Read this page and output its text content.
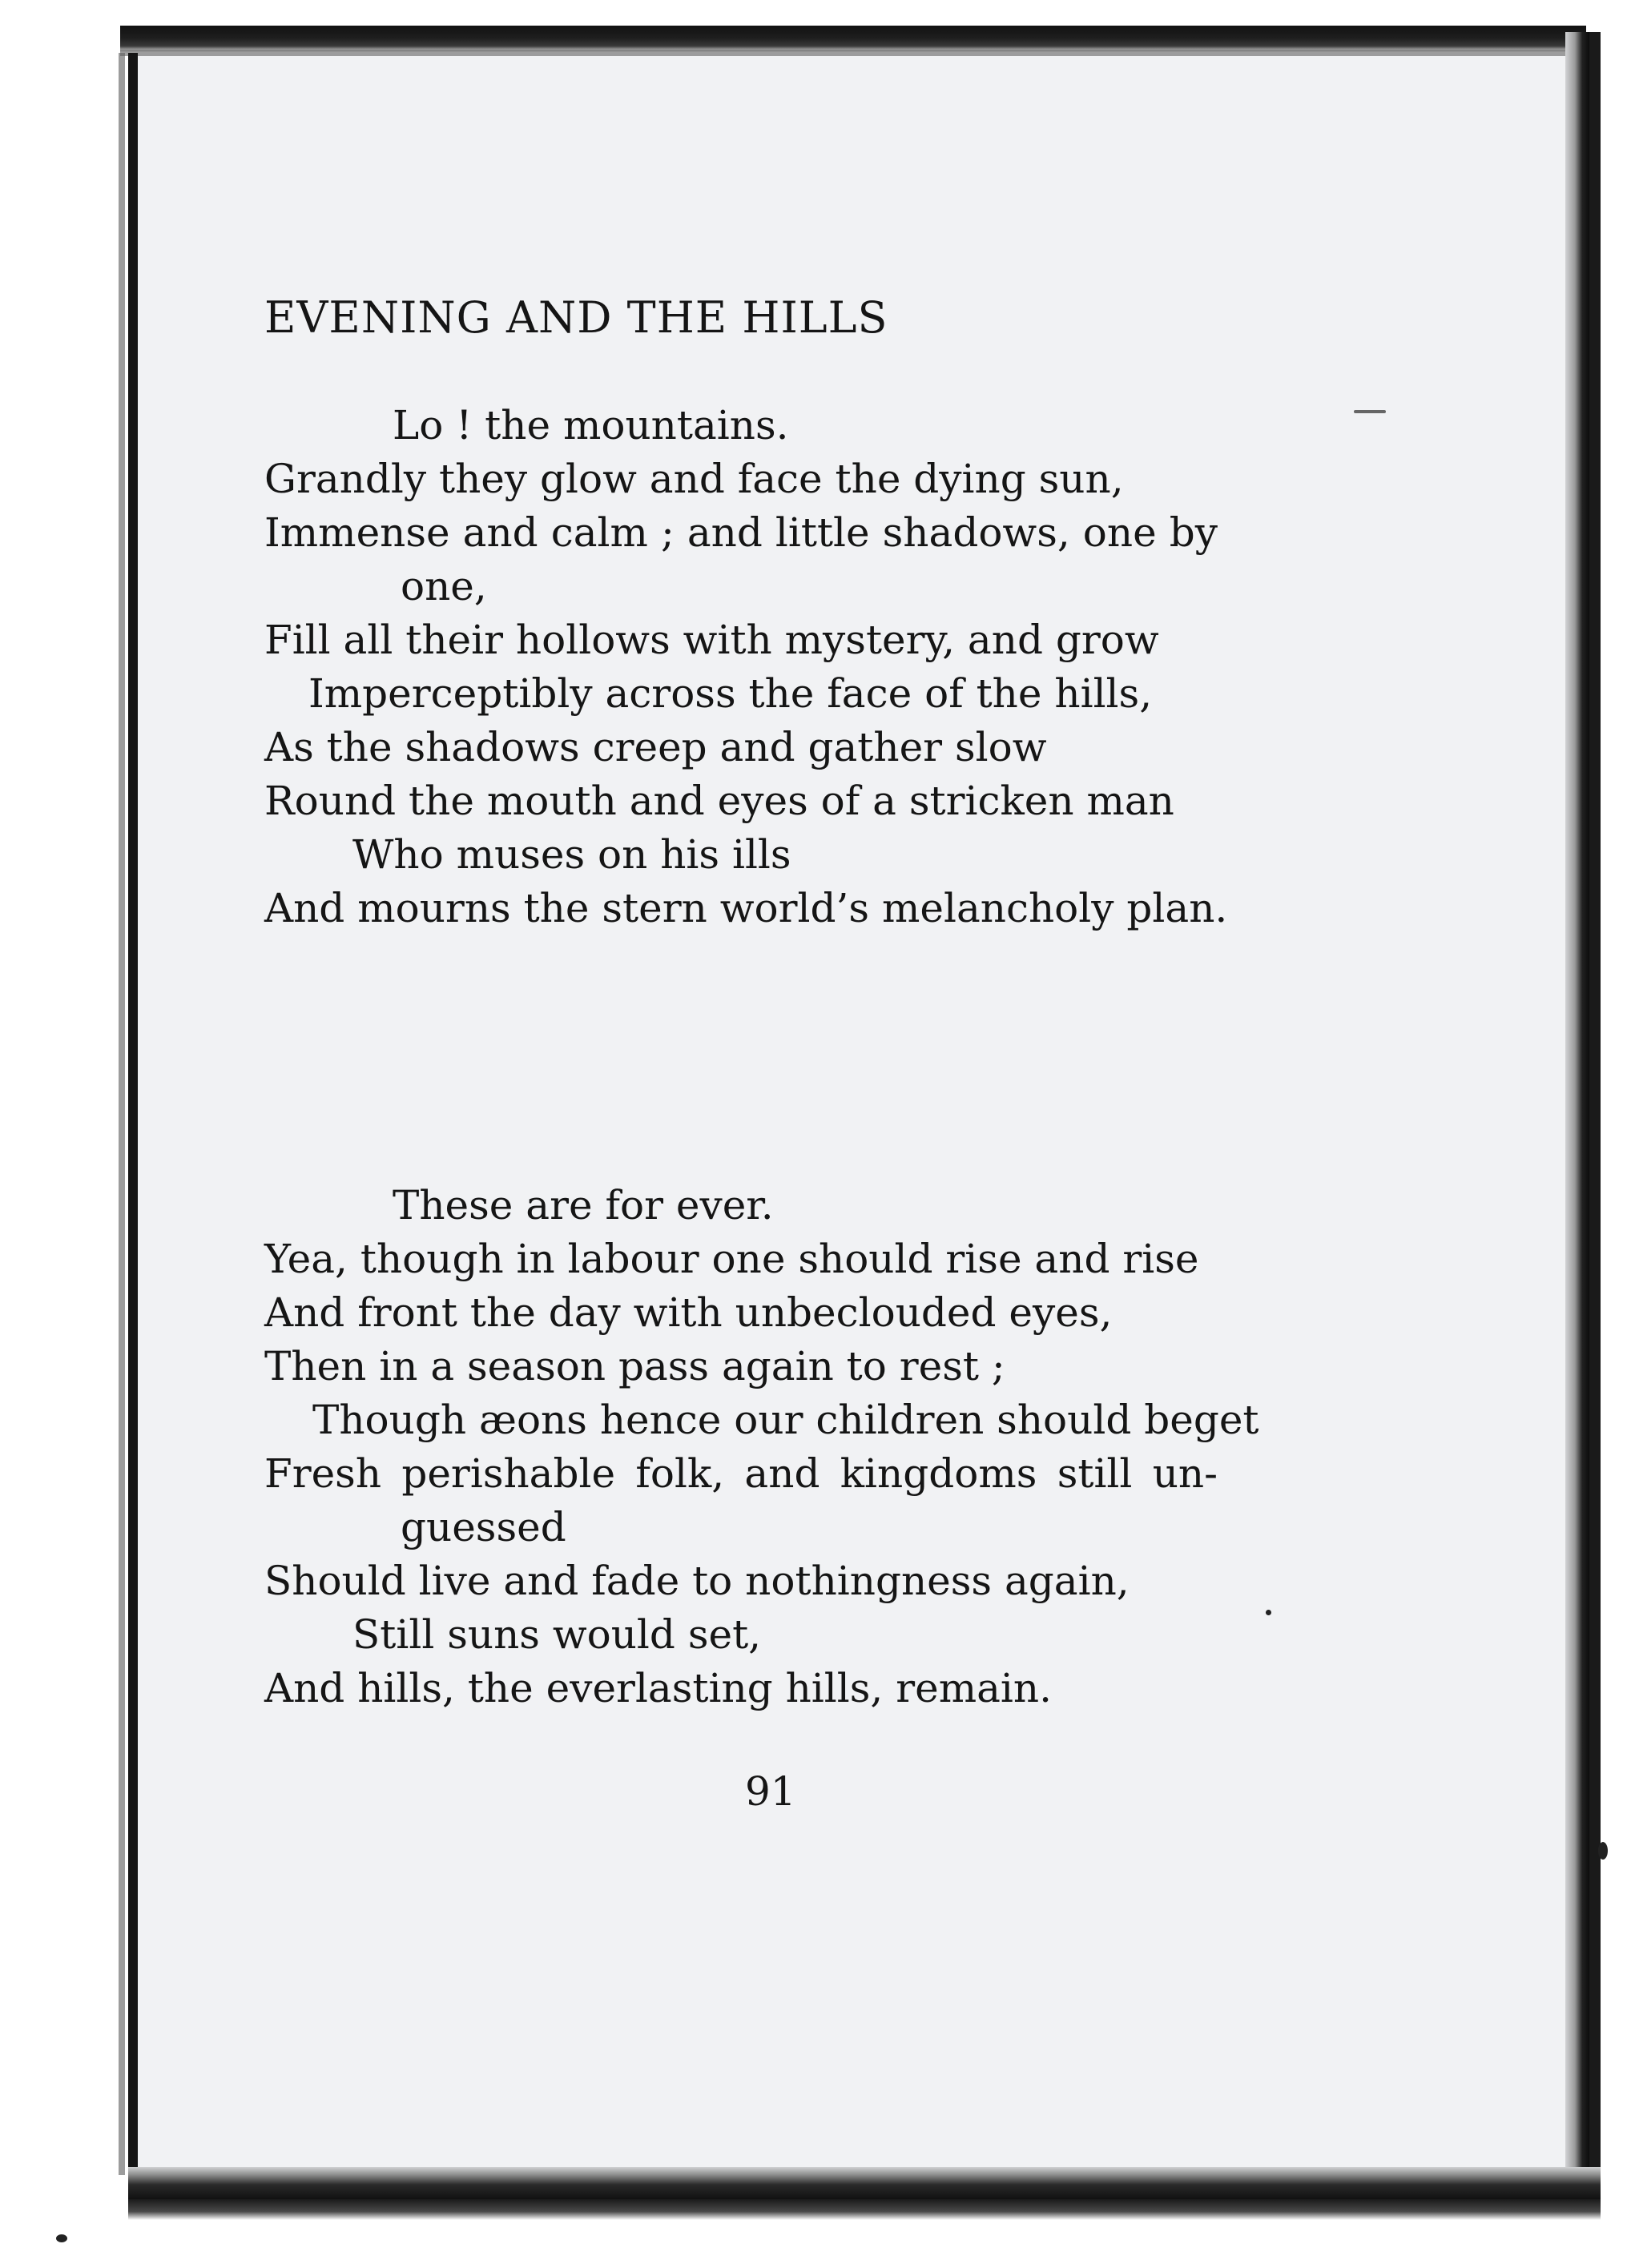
EVENING AND THE HILLS
Lo ! the mountains.
Grandly they glow and face the dying sun,
Immense and calm ; and little shadows, one by
one,
Fill all their hollows with mystery, and grow
Imperceptibly across the face of the hills,
As the shadows creep and gather slow
Round the mouth and eyes of a stricken man
Who muses on his ills
And mourns the stern world’s melancholy plan.
These are for ever.
Yea, though in labour one should rise and rise
And front the day with unbeclouded eyes,
Then in a season pass again to rest ;
Though æons hence our children should beget
Fresh perishable folk, and kingdoms still un-
guessed
Should live and fade to nothingness again,
Still suns would set,
And hills, the everlasting hills, remain.
91
